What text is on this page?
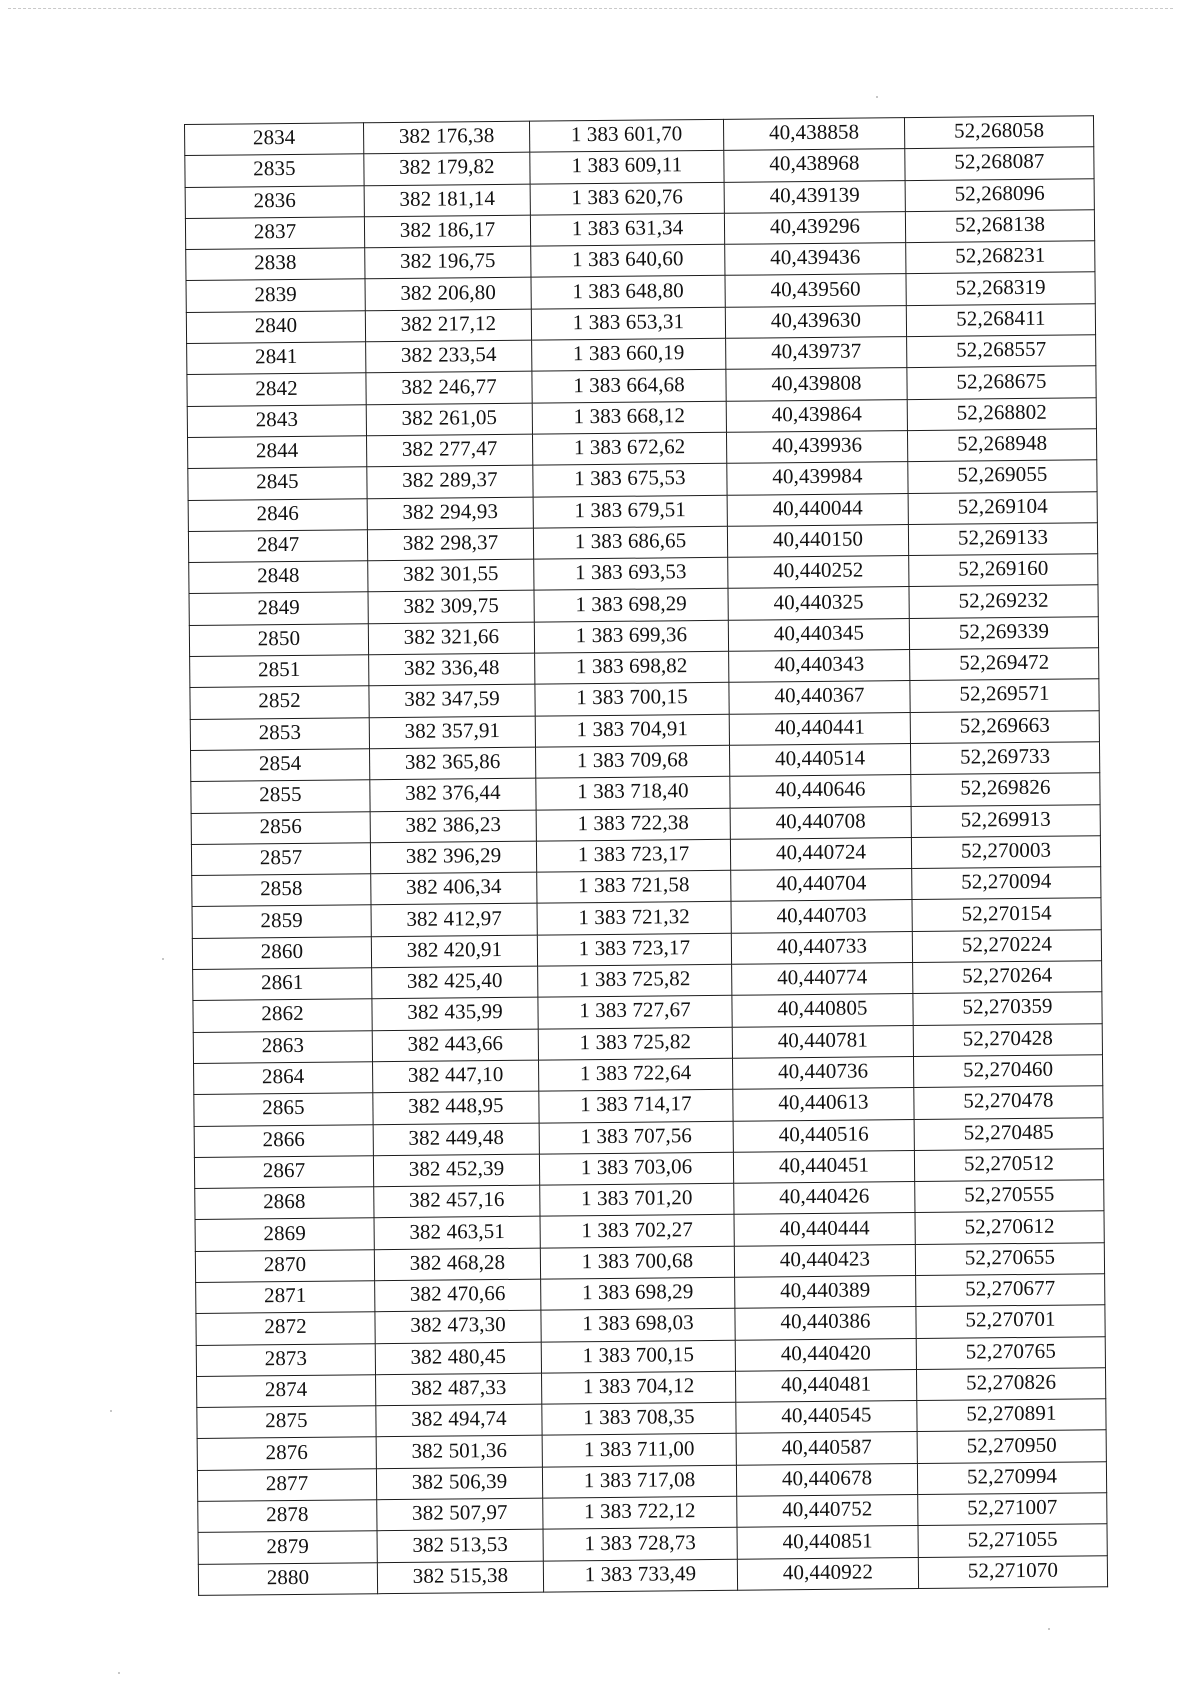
2834	382 176,38	1 383 601,70	40,438858	52,268058
2835	382 179,82	1 383 609,11	40,438968	52,268087
2836	382 181,14	1 383 620,76	40,439139	52,268096
2837	382 186,17	1 383 631,34	40,439296	52,268138
2838	382 196,75	1 383 640,60	40,439436	52,268231
2839	382 206,80	1 383 648,80	40,439560	52,268319
2840	382 217,12	1 383 653,31	40,439630	52,268411
2841	382 233,54	1 383 660,19	40,439737	52,268557
2842	382 246,77	1 383 664,68	40,439808	52,268675
2843	382 261,05	1 383 668,12	40,439864	52,268802
2844	382 277,47	1 383 672,62	40,439936	52,268948
2845	382 289,37	1 383 675,53	40,439984	52,269055
2846	382 294,93	1 383 679,51	40,440044	52,269104
2847	382 298,37	1 383 686,65	40,440150	52,269133
2848	382 301,55	1 383 693,53	40,440252	52,269160
2849	382 309,75	1 383 698,29	40,440325	52,269232
2850	382 321,66	1 383 699,36	40,440345	52,269339
2851	382 336,48	1 383 698,82	40,440343	52,269472
2852	382 347,59	1 383 700,15	40,440367	52,269571
2853	382 357,91	1 383 704,91	40,440441	52,269663
2854	382 365,86	1 383 709,68	40,440514	52,269733
2855	382 376,44	1 383 718,40	40,440646	52,269826
2856	382 386,23	1 383 722,38	40,440708	52,269913
2857	382 396,29	1 383 723,17	40,440724	52,270003
2858	382 406,34	1 383 721,58	40,440704	52,270094
2859	382 412,97	1 383 721,32	40,440703	52,270154
2860	382 420,91	1 383 723,17	40,440733	52,270224
2861	382 425,40	1 383 725,82	40,440774	52,270264
2862	382 435,99	1 383 727,67	40,440805	52,270359
2863	382 443,66	1 383 725,82	40,440781	52,270428
2864	382 447,10	1 383 722,64	40,440736	52,270460
2865	382 448,95	1 383 714,17	40,440613	52,270478
2866	382 449,48	1 383 707,56	40,440516	52,270485
2867	382 452,39	1 383 703,06	40,440451	52,270512
2868	382 457,16	1 383 701,20	40,440426	52,270555
2869	382 463,51	1 383 702,27	40,440444	52,270612
2870	382 468,28	1 383 700,68	40,440423	52,270655
2871	382 470,66	1 383 698,29	40,440389	52,270677
2872	382 473,30	1 383 698,03	40,440386	52,270701
2873	382 480,45	1 383 700,15	40,440420	52,270765
2874	382 487,33	1 383 704,12	40,440481	52,270826
2875	382 494,74	1 383 708,35	40,440545	52,270891
2876	382 501,36	1 383 711,00	40,440587	52,270950
2877	382 506,39	1 383 717,08	40,440678	52,270994
2878	382 507,97	1 383 722,12	40,440752	52,271007
2879	382 513,53	1 383 728,73	40,440851	52,271055
2880	382 515,38	1 383 733,49	40,440922	52,271070
